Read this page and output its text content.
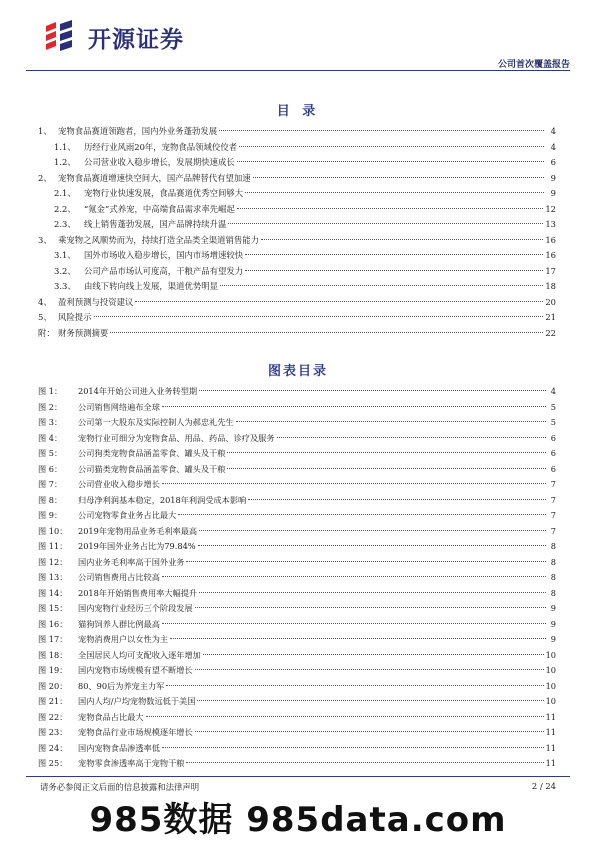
开源证券
公司首次覆盖报告
目 录
1、 宠物食品赛道领跑者，国内外业务蓬勃发展	4
1.1、 历经行业风雨20年，宠物食品领域佼佼者	4
1.2、 公司营业收入稳步增长，发展期快速成长	6
2、 宠物食品赛道增速快空间大，国产品牌替代有望加速	9
2.1、 宠物行业快速发展，食品赛道优秀空间够大	9
2.2、 “氪金”式养宠，中高端食品需求率先崛起	12
2.3、 线上销售蓬勃发展，国产品牌持续升温	13
3、 乘宠物之风顺势而为，持续打造全品类全渠道销售能力	16
3.1、 国外市场收入稳步增长，国内市场增速较快	16
3.2、 公司产品市场认可度高，干粮产品有望发力	17
3.3、 由线下转向线上发展，渠道优势明显	18
4、 盈利预测与投资建议	20
5、 风险提示	21
附： 财务预测摘要	22
图表目录
图 1：	2014年开始公司进入业务转型期	4
图 2：	公司销售网络遍布全球	5
图 3：	公司第一大股东及实际控制人为郝忠礼先生	5
图 4：	宠物行业可细分为宠物食品、用品、药品、诊疗及服务	6
图 5：	公司狗类宠物食品涵盖零食、罐头及干粮	6
图 6：	公司猫类宠物食品涵盖零食、罐头及干粮	6
图 7：	公司营业收入稳步增长	7
图 8：	归母净利润基本稳定，2018年利润受成本影响	7
图 9：	公司宠物零食业务占比最大	7
图 10：	2019年宠物用品业务毛利率最高	7
图 11：	2019年国外业务占比为79.84%	8
图 12：	国内业务毛利率高于国外业务	8
图 13：	公司销售费用占比较高	8
图 14：	2018年开始销售费用率大幅提升	8
图 15：	国内宠物行业经历三个阶段发展	9
图 16：	猫狗饲养人群比例最高	9
图 17：	宠物消费用户以女性为主	9
图 18：	全国居民人均可支配收入逐年增加	10
图 19：	国内宠物市场规模有望不断增长	10
图 20：	80、90后为养宠主力军	10
图 21：	国内人均/户均宠物数远低于美国	10
图 22：	宠物食品占比最大	11
图 23：	宠物食品行业市场规模逐年增长	11
图 24：	国内宠物食品渗透率低	11
图 25：	宠物零食渗透率高于宠物干粮	11
请务必参阅正文后面的信息披露和法律声明	2 / 24
985数据 985data.com
